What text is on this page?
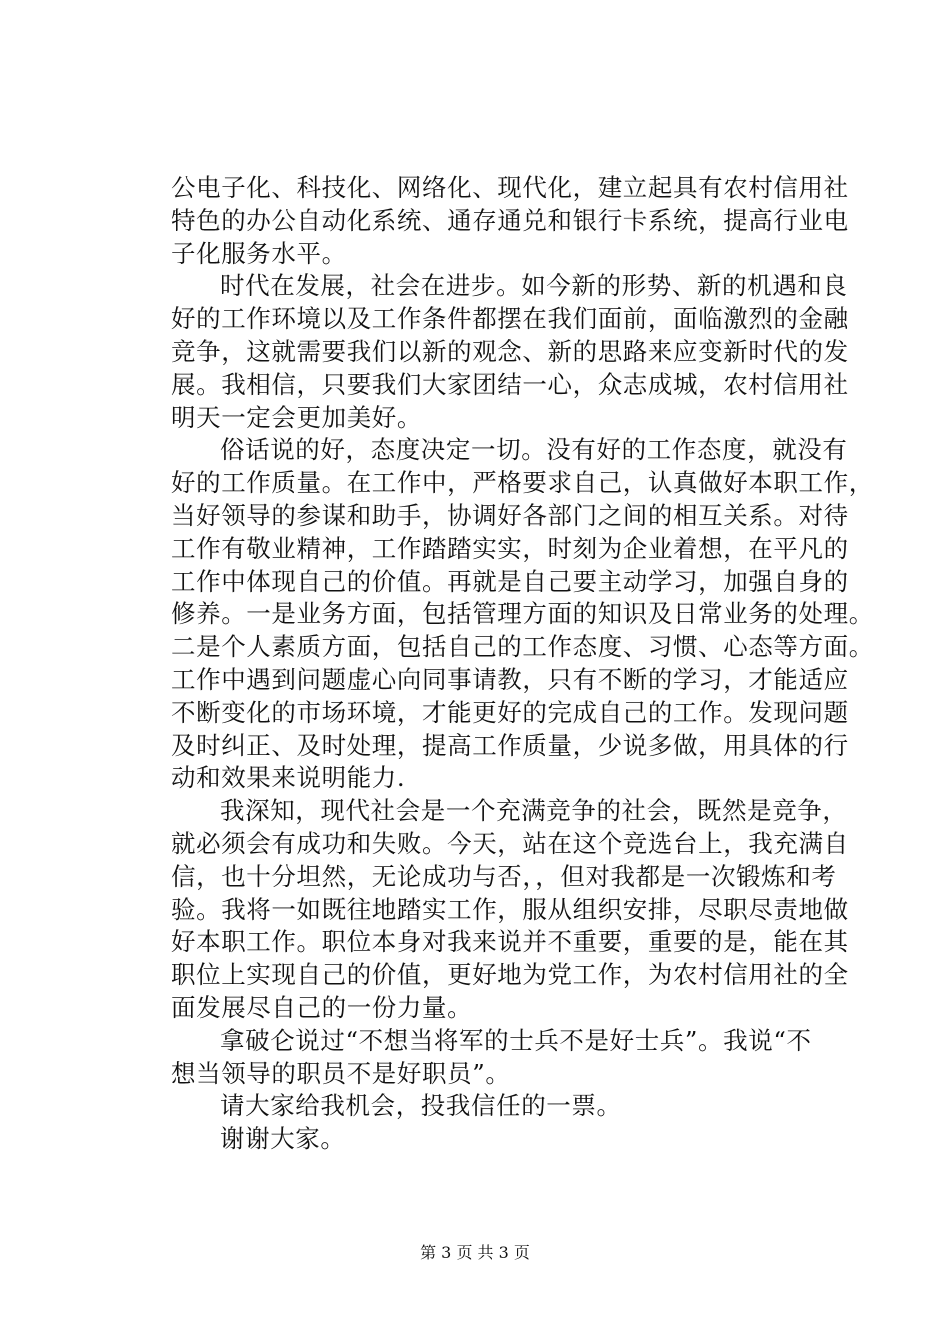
公电子化、科技化、网络化、现代化，建立起具有农村信用社
特色的办公自动化系统、通存通兑和银行卡系统，提高行业电
子化服务水平。
时代在发展，社会在进步。如今新的形势、新的机遇和良
好的工作环境以及工作条件都摆在我们面前，面临激烈的金融
竞争，这就需要我们以新的观念、新的思路来应变新时代的发
展。我相信，只要我们大家团结一心，众志成城，农村信用社
明天一定会更加美好。
俗话说的好，态度决定一切。没有好的工作态度，就没有
好的工作质量。在工作中，严格要求自己，认真做好本职工作，
当好领导的参谋和助手，协调好各部门之间的相互关系。对待
工作有敬业精神，工作踏踏实实，时刻为企业着想，在平凡的
工作中体现自己的价值。再就是自己要主动学习，加强自身的
修养。一是业务方面，包括管理方面的知识及日常业务的处理。
二是个人素质方面，包括自己的工作态度、习惯、心态等方面。
工作中遇到问题虚心向同事请教，只有不断的学习，才能适应
不断变化的市场环境，才能更好的完成自己的工作。发现问题
及时纠正、及时处理，提高工作质量，少说多做，用具体的行
动和效果来说明能力.
我深知，现代社会是一个充满竞争的社会，既然是竞争，
就必须会有成功和失败。今天，站在这个竞选台上，我充满自
信，也十分坦然，无论成功与否，，但对我都是一次锻炼和考
验。我将一如既往地踏实工作，服从组织安排，尽职尽责地做
好本职工作。职位本身对我来说并不重要，重要的是，能在其
职位上实现自己的价值，更好地为党工作，为农村信用社的全
面发展尽自己的一份力量。
拿破仑说过“不想当将军的士兵不是好士兵”。我说“不
想当领导的职员不是好职员”。
请大家给我机会，投我信任的一票。
谢谢大家。
第 3 页 共 3 页
